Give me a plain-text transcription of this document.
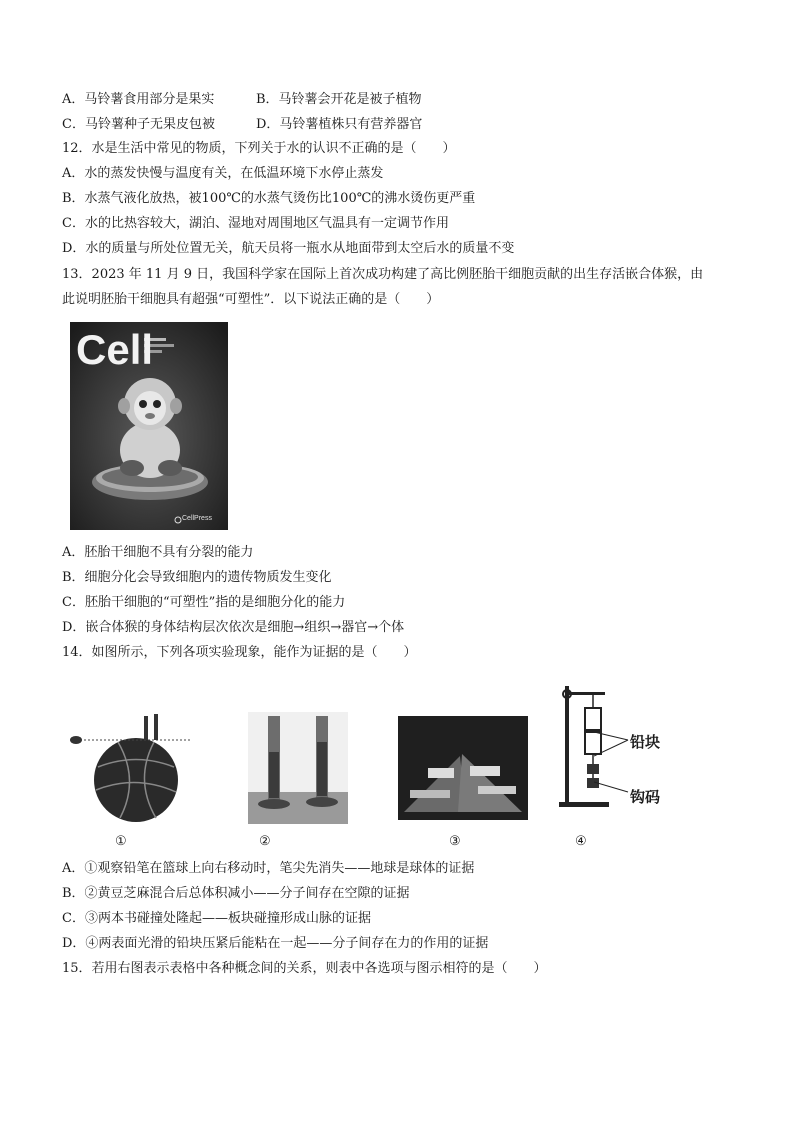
A．马铃薯食用部分是果实	B．马铃薯会开花是被子植物
C．马铃薯种子无果皮包被	D．马铃薯植株只有营养器官
12．水是生活中常见的物质，下列关于水的认识不正确的是（　　）
A．水的蒸发快慢与温度有关，在低温环境下水停止蒸发
B．水蒸气液化放热，被100℃的水蒸气烫伤比100℃的沸水烫伤更严重
C．水的比热容较大，湖泊、湿地对周围地区气温具有一定调节作用
D．水的质量与所处位置无关，航天员将一瓶水从地面带到太空后水的质量不变
13．2023 年 11 月 9 日，我国科学家在国际上首次成功构建了高比例胚胎干细胞贡献的出生存活嵌合体猴，由
此说明胚胎干细胞具有超强“可塑性”．以下说法正确的是（　　）
Cell
CellPress
A．胚胎干细胞不具有分裂的能力
B．细胞分化会导致细胞内的遗传物质发生变化
C．胚胎干细胞的“可塑性”指的是细胞分化的能力
D．嵌合体猴的身体结构层次依次是细胞→组织→器官→个体
14．如图所示，下列各项实验现象，能作为证据的是（　　）
铅块
钩码
①	②	③	④
A．①观察铅笔在篮球上向右移动时，笔尖先消失——地球是球体的证据
B．②黄豆芝麻混合后总体积减小——分子间存在空隙的证据
C．③两本书碰撞处隆起——板块碰撞形成山脉的证据
D．④两表面光滑的铅块压紧后能粘在一起——分子间存在力的作用的证据
15．若用右图表示表格中各种概念间的关系，则表中各选项与图示相符的是（　　）
